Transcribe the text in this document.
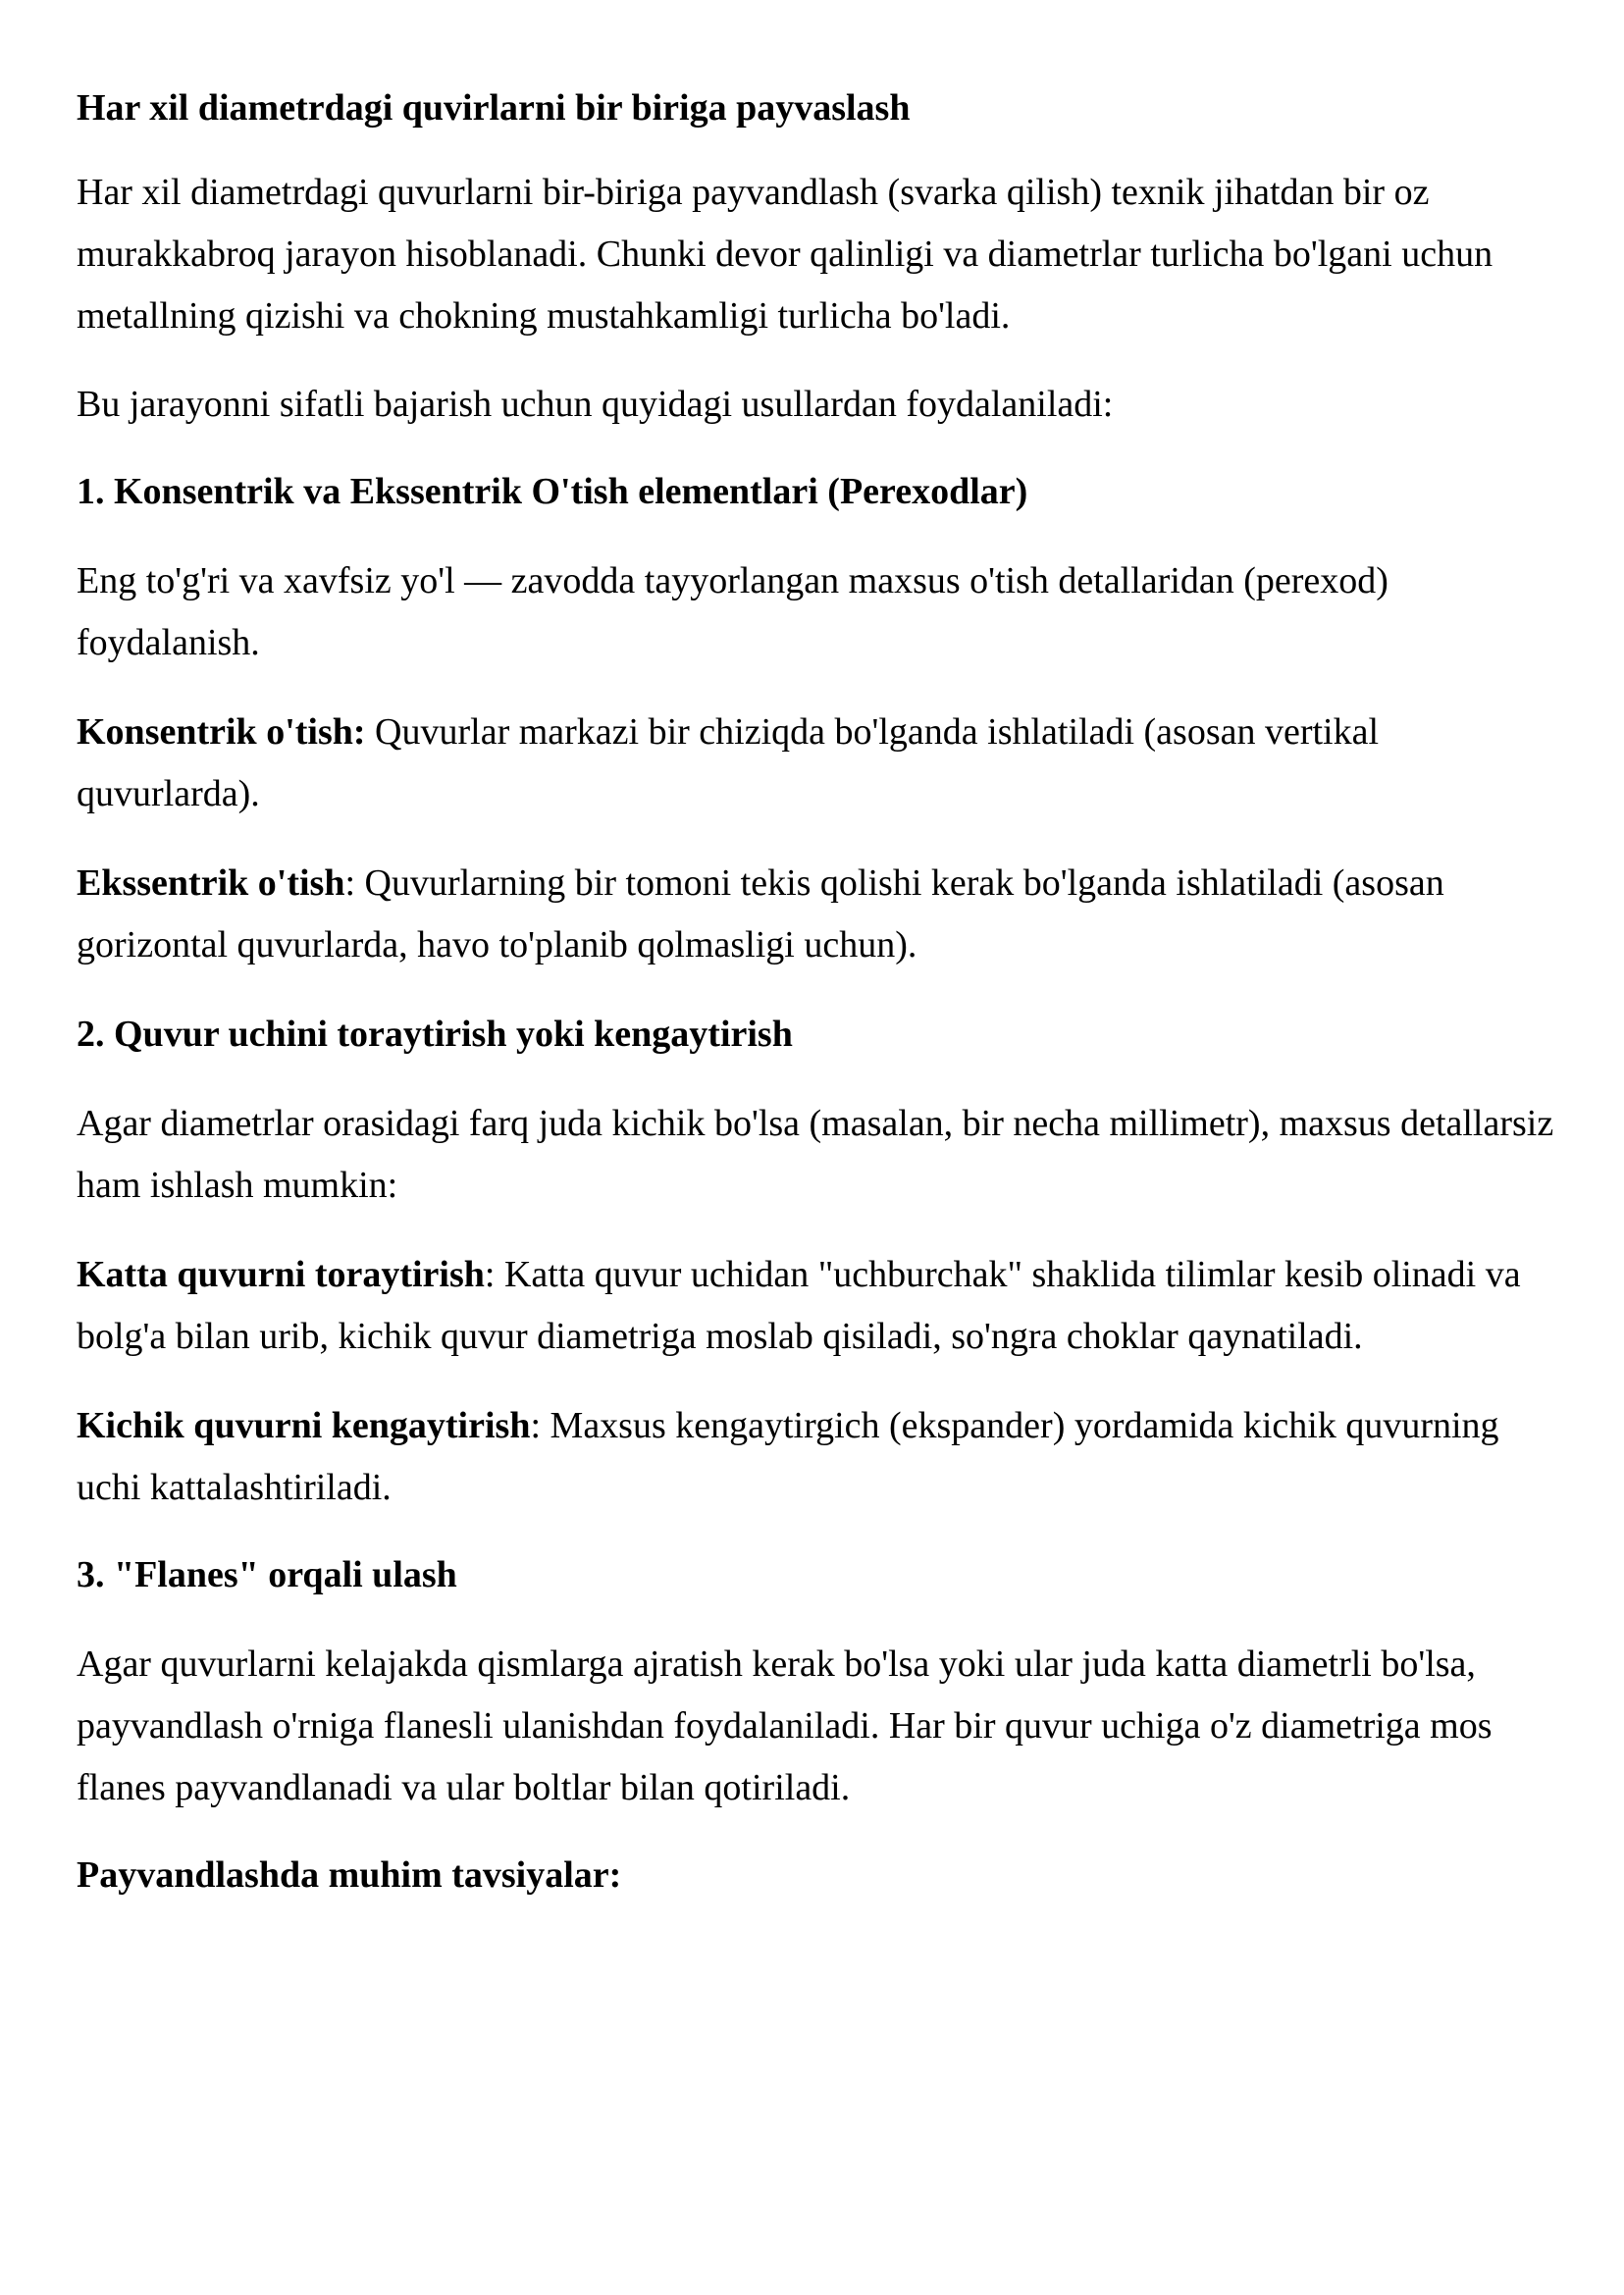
Har xil diametrdagi quvirlarni bir biriga payvaslash

Har xil diametrdagi quvurlarni bir-biriga payvandlash (svarka qilish) texnik jihatdan bir oz murakkabroq jarayon hisoblanadi. Chunki devor qalinligi va diametrlar turlicha bo'lgani uchun metallning qizishi va chokning mustahkamligi turlicha bo'ladi.

Bu jarayonni sifatli bajarish uchun quyidagi usullardan foydalaniladi:

1. Konsentrik va Ekssentrik O'tish elementlari (Perexodlar)

Eng to'g'ri va xavfsiz yo'l — zavodda tayyorlangan maxsus o'tish detallaridan (perexod) foydalanish.

Konsentrik o'tish: Quvurlar markazi bir chiziqda bo'lganda ishlatiladi (asosan vertikal quvurlarda).

Ekssentrik o'tish: Quvurlarning bir tomoni tekis qolishi kerak bo'lganda ishlatiladi (asosan gorizontal quvurlarda, havo to'planib qolmasligi uchun).

2. Quvur uchini toraytirish yoki kengaytirish

Agar diametrlar orasidagi farq juda kichik bo'lsa (masalan, bir necha millimetr), maxsus detallarsiz ham ishlash mumkin:

Katta quvurni toraytirish: Katta quvur uchidan "uchburchak" shaklida tilimlar kesib olinadi va bolg'a bilan urib, kichik quvur diametriga moslab qisiladi, so'ngra choklar qaynatiladi.

Kichik quvurni kengaytirish: Maxsus kengaytirgich (ekspander) yordamida kichik quvurning uchi kattalashtiriladi.

3. "Flanes" orqali ulash

Agar quvurlarni kelajakda qismlarga ajratish kerak bo'lsa yoki ular juda katta diametrli bo'lsa, payvandlash o'rniga flanesli ulanishdan foydalaniladi. Har bir quvur uchiga o'z diametriga mos flanes payvandlanadi va ular boltlar bilan qotiriladi.

Payvandlashda muhim tavsiyalar:
